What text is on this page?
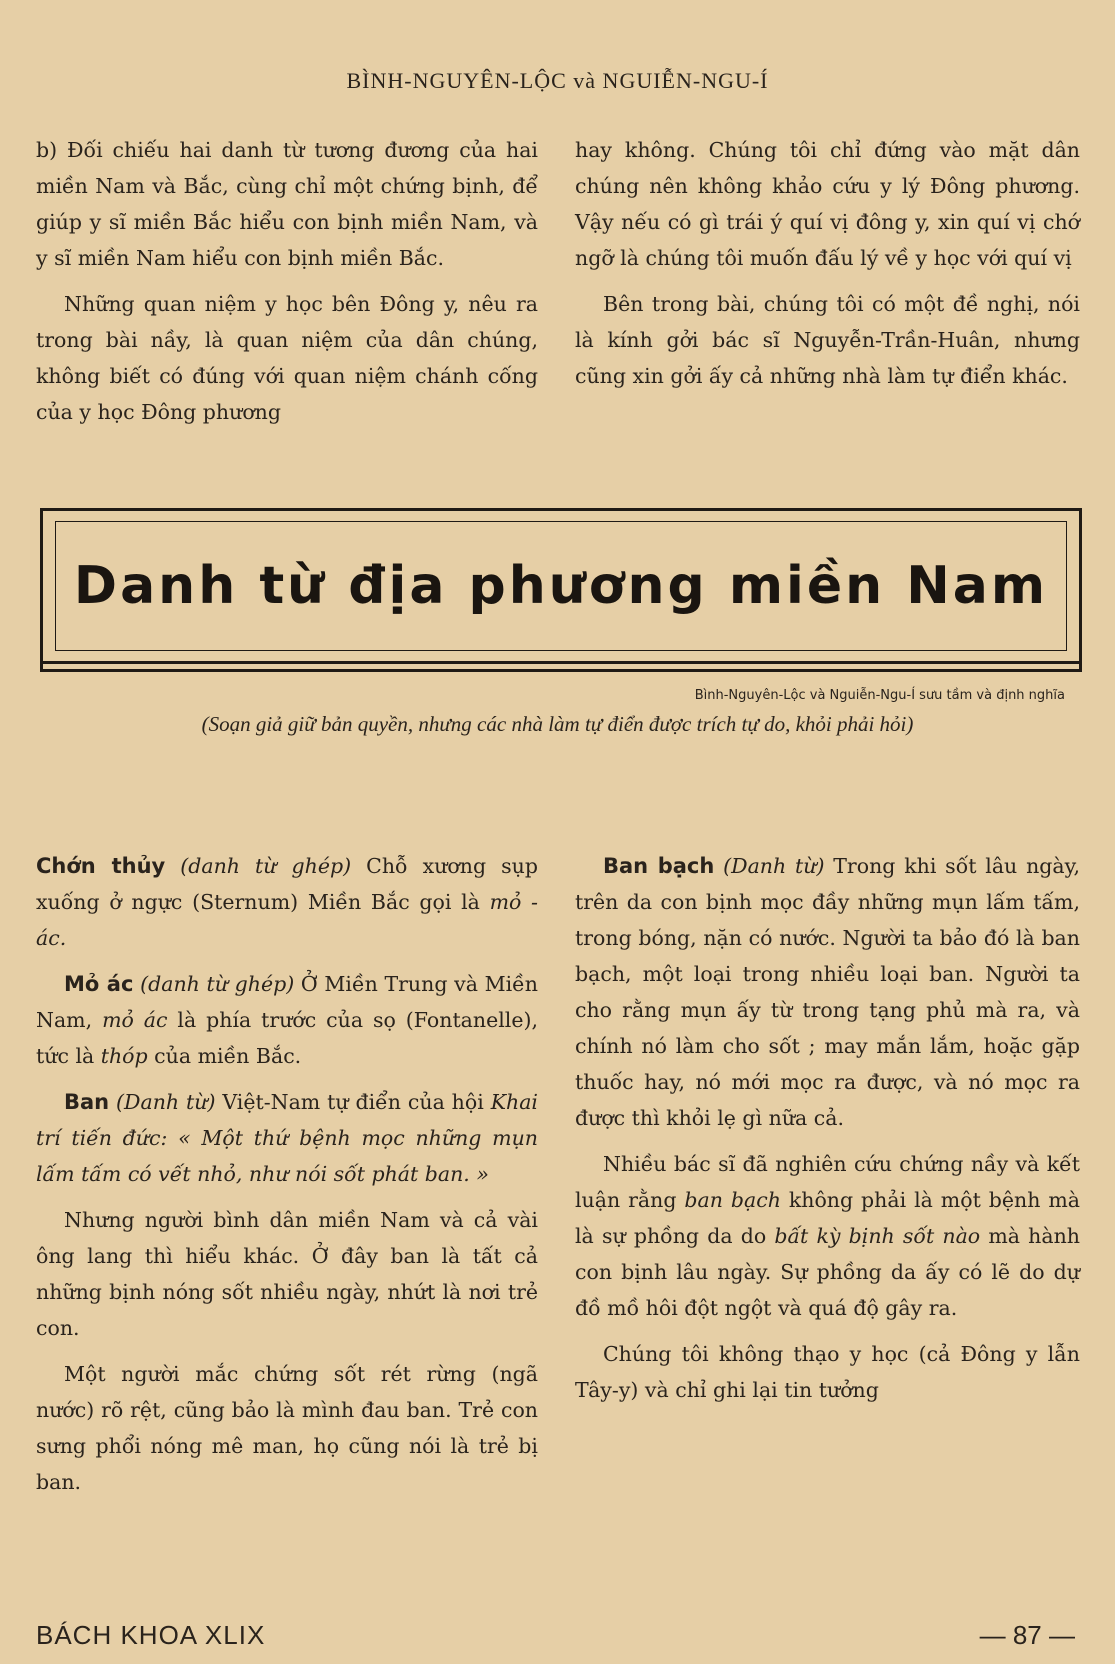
BÌNH-NGUYÊN-LỘC và NGUIỄN-NGU-Í

b) Đối chiếu hai danh từ tương đương của hai miền Nam và Bắc, cùng chỉ một chứng bịnh, để giúp y sĩ miền Bắc hiểu con bịnh miền Nam, và y sĩ miền Nam hiểu con bịnh miền Bắc.

Những quan niệm y học bên Đông y, nêu ra trong bài nầy, là quan niệm của dân chúng, không biết có đúng với quan niệm chánh cống của y học Đông phương

hay không. Chúng tôi chỉ đứng vào mặt dân chúng nên không khảo cứu y lý Đông phương. Vậy nếu có gì trái ý quí vị đông y, xin quí vị chớ ngỡ là chúng tôi muốn đấu lý về y học với quí vị

Bên trong bài, chúng tôi có một đề nghị, nói là kính gởi bác sĩ Nguyễn-Trần-Huân, nhưng cũng xin gởi ấy cả những nhà làm tự điển khác.

Danh từ địa phương miền Nam
Bình-Nguyên-Lộc và Nguiễn-Ngu-Í sưu tầm và định nghĩa
(Soạn giả giữ bản quyền, nhưng các nhà làm tự điển được trích tự do, khỏi phải hỏi)

Chớn thủy (danh từ ghép) Chỗ xương sụp xuống ở ngực (Sternum) Miền Bắc gọi là mỏ - ác.

Mỏ ác (danh từ ghép) Ở Miền Trung và Miền Nam, mỏ ác là phía trước của sọ (Fontanelle), tức là thóp của miền Bắc.

Ban (Danh từ) Việt-Nam tự điển của hội Khai trí tiến đức: « Một thứ bệnh mọc những mụn lấm tấm có vết nhỏ, như nói sốt phát ban. »

Nhưng người bình dân miền Nam và cả vài ông lang thì hiểu khác. Ở đây ban là tất cả những bịnh nóng sốt nhiều ngày, nhứt là nơi trẻ con.

Một người mắc chứng sốt rét rừng (ngã nước) rõ rệt, cũng bảo là mình đau ban. Trẻ con sưng phổi nóng mê man, họ cũng nói là trẻ bị ban.

Ban bạch (Danh từ) Trong khi sốt lâu ngày, trên da con bịnh mọc đầy những mụn lấm tấm, trong bóng, nặn có nước. Người ta bảo đó là ban bạch, một loại trong nhiều loại ban. Người ta cho rằng mụn ấy từ trong tạng phủ mà ra, và chính nó làm cho sốt ; may mắn lắm, hoặc gặp thuốc hay, nó mới mọc ra được, và nó mọc ra được thì khỏi lẹ gì nữa cả.

Nhiều bác sĩ đã nghiên cứu chứng nầy và kết luận rằng ban bạch không phải là một bệnh mà là sự phồng da do bất kỳ bịnh sốt nào mà hành con bịnh lâu ngày. Sự phồng da ấy có lẽ do dự đồ mồ hôi đột ngột và quá độ gây ra.

Chúng tôi không thạo y học (cả Đông y lẫn Tây-y) và chỉ ghi lại tin tưởng

BÁCH KHOA XLIX	— 87 —
